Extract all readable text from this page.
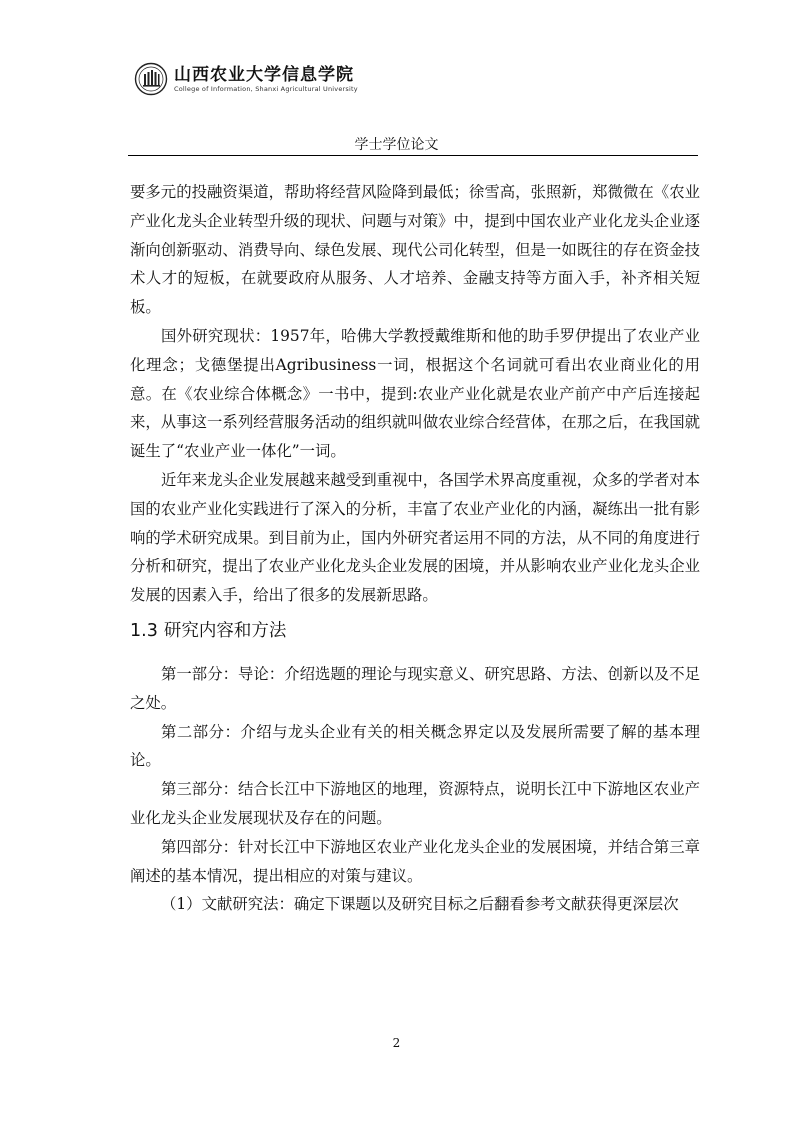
山西农业大学信息学院
College of Information, Shanxi Agricultural University
学士学位论文

要多元的投融资渠道，帮助将经营风险降到最低；徐雪高，张照新，郑微微在《农业产业化龙头企业转型升级的现状、问题与对策》中，提到中国农业产业化龙头企业逐渐向创新驱动、消费导向、绿色发展、现代公司化转型，但是一如既往的存在资金技术人才的短板，在就要政府从服务、人才培养、金融支持等方面入手，补齐相关短板。

国外研究现状：1957年，哈佛大学教授戴维斯和他的助手罗伊提出了农业产业化理念；戈德堡提出Agribusiness一词，根据这个名词就可看出农业商业化的用意。在《农业综合体概念》一书中，提到:农业产业化就是农业产前产中产后连接起来，从事这一系列经营服务活动的组织就叫做农业综合经营体，在那之后，在我国就诞生了“农业产业一体化”一词。

近年来龙头企业发展越来越受到重视中，各国学术界高度重视，众多的学者对本国的农业产业化实践进行了深入的分析，丰富了农业产业化的内涵，凝练出一批有影响的学术研究成果。到目前为止，国内外研究者运用不同的方法，从不同的角度进行分析和研究，提出了农业产业化龙头企业发展的困境，并从影响农业产业化龙头企业发展的因素入手，给出了很多的发展新思路。

1.3 研究内容和方法

第一部分：导论：介绍选题的理论与现实意义、研究思路、方法、创新以及不足之处。

第二部分：介绍与龙头企业有关的相关概念界定以及发展所需要了解的基本理论。

第三部分：结合长江中下游地区的地理，资源特点，说明长江中下游地区农业产业化龙头企业发展现状及存在的问题。

第四部分：针对长江中下游地区农业产业化龙头企业的发展困境，并结合第三章阐述的基本情况，提出相应的对策与建议。

（1）文献研究法：确定下课题以及研究目标之后翻看参考文献获得更深层次

2
